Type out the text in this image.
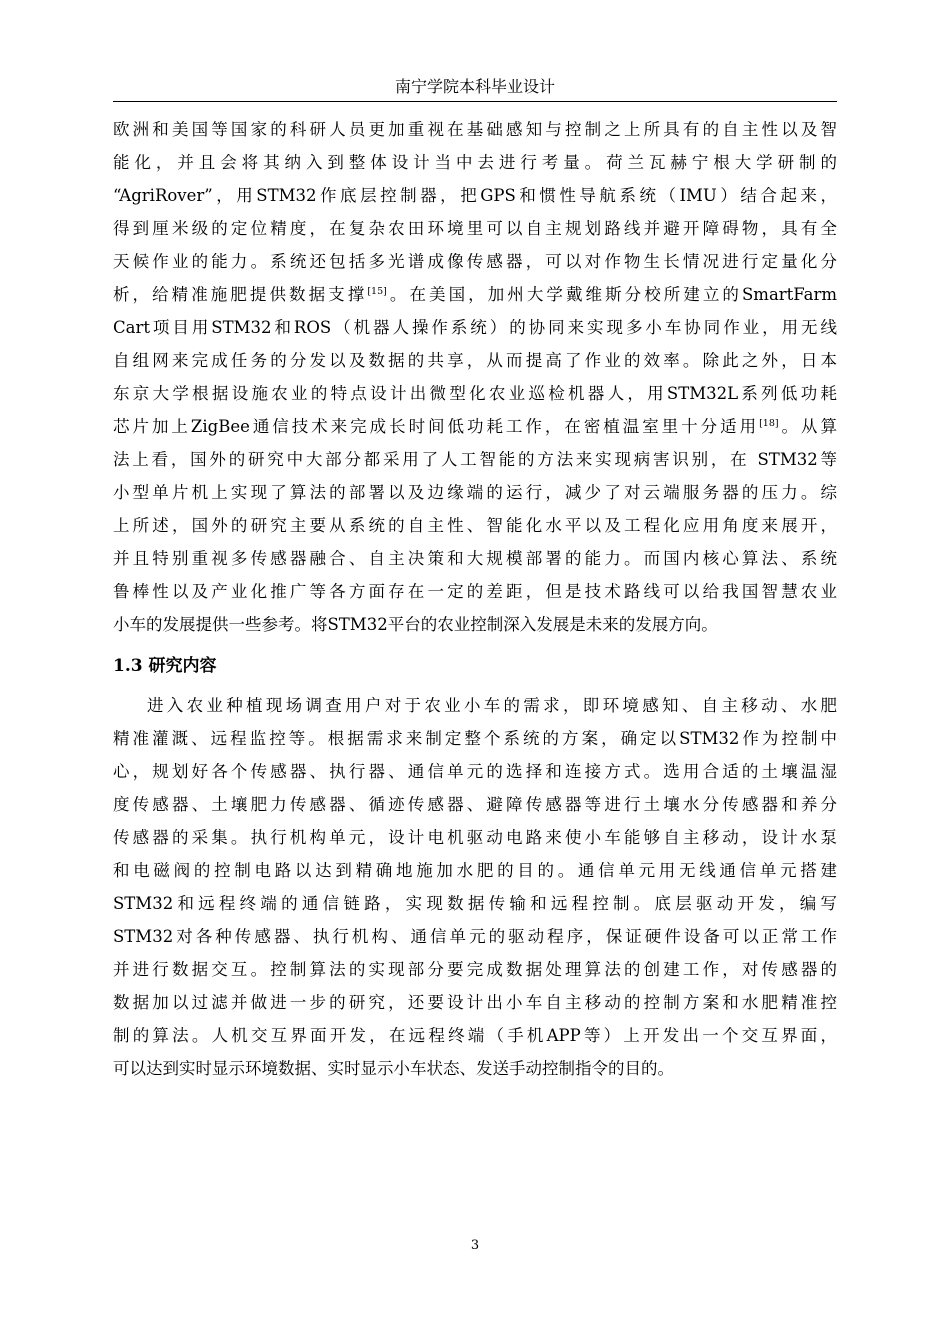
南宁学院本科毕业设计
欧洲和美国等国家的科研人员更加重视在基础感知与控制之上所具有的自主性以及智
能化，并且会将其纳入到整体设计当中去进行考量。荷兰瓦赫宁根大学研制的
“AgriRover”，用STM32作底层控制器，把GPS和惯性导航系统（IMU）结合起来，
得到厘米级的定位精度，在复杂农田环境里可以自主规划路线并避开障碍物，具有全
天候作业的能力。系统还包括多光谱成像传感器，可以对作物生长情况进行定量化分
析，给精准施肥提供数据支撑[15]。在美国，加州大学戴维斯分校所建立的SmartFarm
Cart项目用STM32和ROS（机器人操作系统）的协同来实现多小车协同作业，用无线
自组网来完成任务的分发以及数据的共享，从而提高了作业的效率。除此之外，日本
东京大学根据设施农业的特点设计出微型化农业巡检机器人，用STM32L系列低功耗
芯片加上ZigBee通信技术来完成长时间低功耗工作，在密植温室里十分适用[18]。从算
法上看，国外的研究中大部分都采用了人工智能的方法来实现病害识别，在 STM32等
小型单片机上实现了算法的部署以及边缘端的运行，减少了对云端服务器的压力。综
上所述，国外的研究主要从系统的自主性、智能化水平以及工程化应用角度来展开，
并且特别重视多传感器融合、自主决策和大规模部署的能力。而国内核心算法、系统
鲁棒性以及产业化推广等各方面存在一定的差距，但是技术路线可以给我国智慧农业
小车的发展提供一些参考。将STM32平台的农业控制深入发展是未来的发展方向。
1.3 研究内容
进入农业种植现场调查用户对于农业小车的需求，即环境感知、自主移动、水肥
精准灌溉、远程监控等。根据需求来制定整个系统的方案，确定以STM32作为控制中
心，规划好各个传感器、执行器、通信单元的选择和连接方式。选用合适的土壤温湿
度传感器、土壤肥力传感器、循迹传感器、避障传感器等进行土壤水分传感器和养分
传感器的采集。执行机构单元，设计电机驱动电路来使小车能够自主移动，设计水泵
和电磁阀的控制电路以达到精确地施加水肥的目的。通信单元用无线通信单元搭建
STM32和远程终端的通信链路，实现数据传输和远程控制。底层驱动开发，编写
STM32对各种传感器、执行机构、通信单元的驱动程序，保证硬件设备可以正常工作
并进行数据交互。控制算法的实现部分要完成数据处理算法的创建工作，对传感器的
数据加以过滤并做进一步的研究，还要设计出小车自主移动的控制方案和水肥精准控
制的算法。人机交互界面开发，在远程终端（手机APP等）上开发出一个交互界面，
可以达到实时显示环境数据、实时显示小车状态、发送手动控制指令的目的。
3
